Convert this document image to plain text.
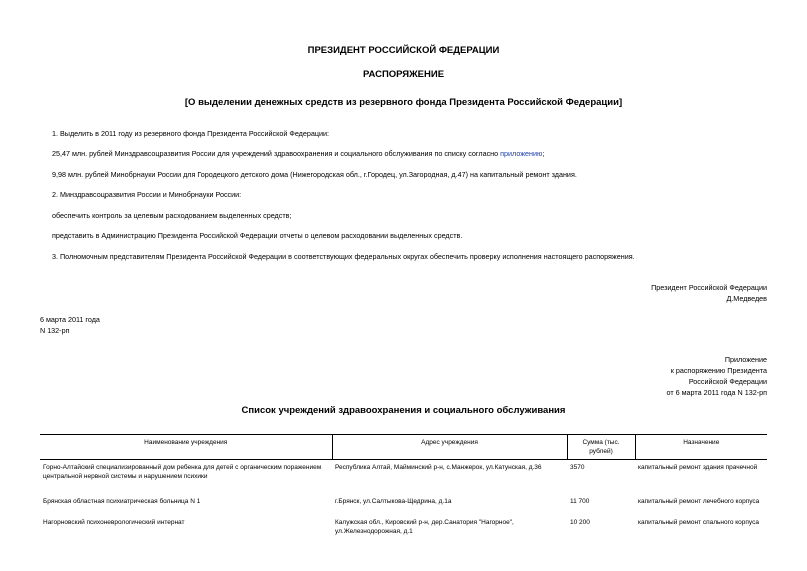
ПРЕЗИДЕНТ РОССИЙСКОЙ ФЕДЕРАЦИИ
РАСПОРЯЖЕНИЕ
[О выделении денежных средств из резервного фонда Президента Российской Федерации]
1. Выделить в 2011 году из резервного фонда Президента Российской Федерации:
25,47 млн. рублей Минздравсоцразвития России для учреждений здравоохранения и социального обслуживания по списку согласно приложению;
9,98 млн. рублей Минобрнауки России для Городецкого детского дома (Нижегородская обл., г.Городец, ул.Загородная, д.47) на капитальный ремонт здания.
2. Минздравсоцразвития России и Минобрнауки России:
обеспечить контроль за целевым расходованием выделенных средств;
представить в Администрацию Президента Российской Федерации отчеты о целевом расходовании выделенных средств.
3. Полномочным представителям Президента Российской Федерации в соответствующих федеральных округах обеспечить проверку исполнения настоящего распоряжения.
Президент Российской Федерации
Д.Медведев
6 марта 2011 года
N 132-рп
Приложение
к распоряжению Президента
Российской Федерации
от 6 марта 2011 года N 132-рп
Список учреждений здравоохранения и социального обслуживания
Наименование учреждения	Адрес учреждения	Сумма (тыс. рублей)	Назначение
Горно-Алтайский специализированный дом ребенка для детей с органическим поражением центральной нервной системы и нарушением психики	Республика Алтай, Майминский р-н, с.Манжерок, ул.Катунская, д.36	3570	капитальный ремонт здания прачечной
Брянская областная психиатрическая больница N 1	г.Брянск, ул.Салтыкова-Щедрина, д.1а	11 700	капитальный ремонт лечебного корпуса
Нагорновский психоневрологический интернат	Калужская обл., Кировский р-н, дер.Санатория "Нагорное", ул.Железнодорожная, д.1	10 200	капитальный ремонт спального корпуса
